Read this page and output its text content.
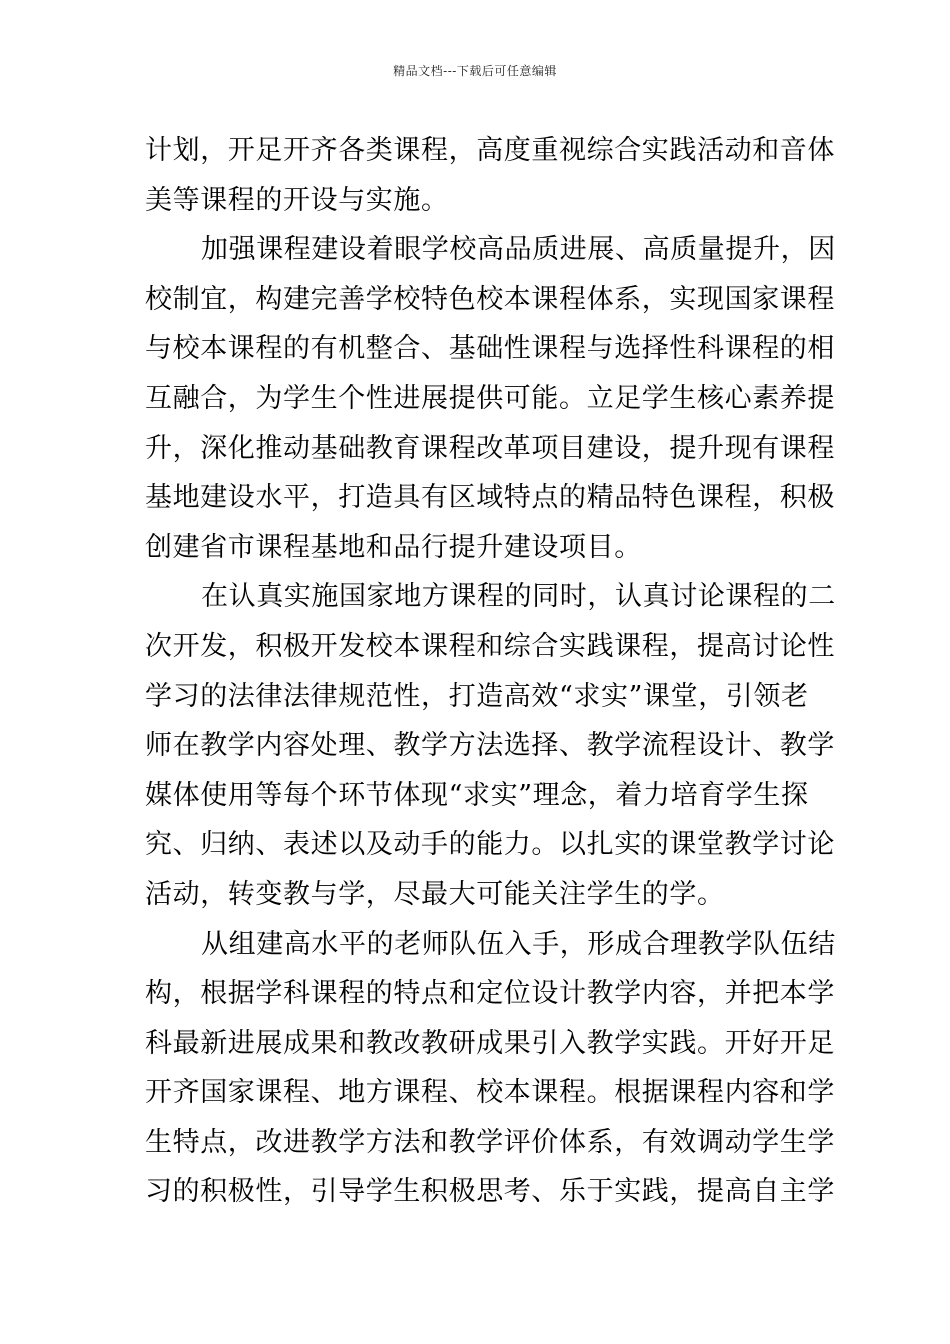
精品文档---下载后可任意编辑
计划，开足开齐各类课程，高度重视综合实践活动和音体
美等课程的开设与实施。
加强课程建设着眼学校高品质进展、高质量提升，因
校制宜，构建完善学校特色校本课程体系，实现国家课程
与校本课程的有机整合、基础性课程与选择性科课程的相
互融合，为学生个性进展提供可能。立足学生核心素养提
升，深化推动基础教育课程改革项目建设，提升现有课程
基地建设水平，打造具有区域特点的精品特色课程，积极
创建省市课程基地和品行提升建设项目。
在认真实施国家地方课程的同时，认真讨论课程的二
次开发，积极开发校本课程和综合实践课程，提高讨论性
学习的法律法律规范性，打造高效“求实”课堂，引领老
师在教学内容处理、教学方法选择、教学流程设计、教学
媒体使用等每个环节体现“求实”理念，着力培育学生探
究、归纳、表述以及动手的能力。以扎实的课堂教学讨论
活动，转变教与学，尽最大可能关注学生的学。
从组建高水平的老师队伍入手，形成合理教学队伍结
构，根据学科课程的特点和定位设计教学内容，并把本学
科最新进展成果和教改教研成果引入教学实践。开好开足
开齐国家课程、地方课程、校本课程。根据课程内容和学
生特点，改进教学方法和教学评价体系，有效调动学生学
习的积极性，引导学生积极思考、乐于实践，提高自主学
